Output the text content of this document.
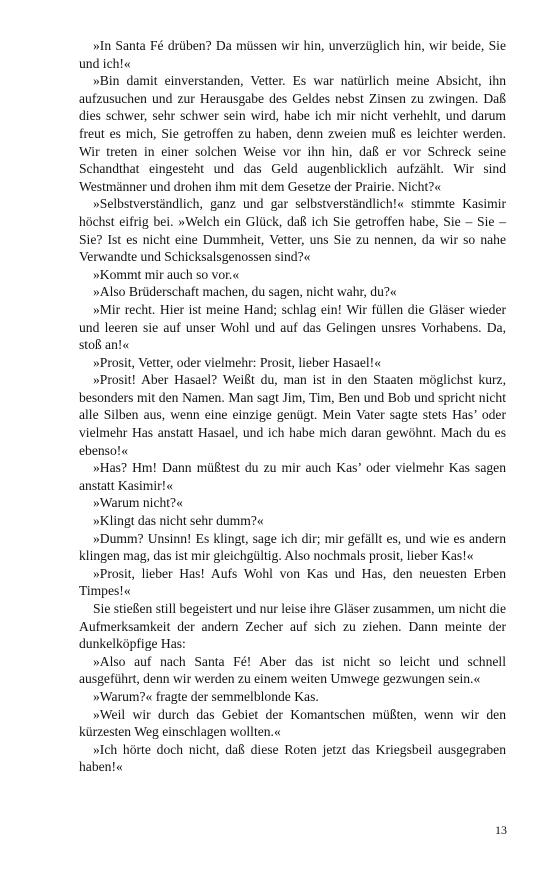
»In Santa Fé drüben? Da müssen wir hin, unverzüglich hin, wir beide, Sie und ich!«

»Bin damit einverstanden, Vetter. Es war natürlich meine Absicht, ihn aufzusuchen und zur Herausgabe des Geldes nebst Zinsen zu zwingen. Daß dies schwer, sehr schwer sein wird, habe ich mir nicht verhehlt, und darum freut es mich, Sie getroffen zu haben, denn zweien muß es leichter werden. Wir treten in einer solchen Weise vor ihn hin, daß er vor Schreck seine Schandthat eingesteht und das Geld augenblicklich aufzählt. Wir sind Westmänner und drohen ihm mit dem Gesetze der Prairie. Nicht?«

»Selbstverständlich, ganz und gar selbstverständlich!« stimmte Kasimir höchst eifrig bei. »Welch ein Glück, daß ich Sie getroffen habe, Sie – Sie – Sie? Ist es nicht eine Dummheit, Vetter, uns Sie zu nennen, da wir so nahe Verwandte und Schicksalsgenossen sind?«

»Kommt mir auch so vor.«

»Also Brüderschaft machen, du sagen, nicht wahr, du?«

»Mir recht. Hier ist meine Hand; schlag ein! Wir füllen die Gläser wieder und leeren sie auf unser Wohl und auf das Gelingen unsres Vorhabens. Da, stoß an!«

»Prosit, Vetter, oder vielmehr: Prosit, lieber Hasael!«

»Prosit! Aber Hasael? Weißt du, man ist in den Staaten möglichst kurz, besonders mit den Namen. Man sagt Jim, Tim, Ben und Bob und spricht nicht alle Silben aus, wenn eine einzige genügt. Mein Vater sagte stets Has’ oder vielmehr Has anstatt Hasael, und ich habe mich daran gewöhnt. Mach du es ebenso!«

»Has? Hm! Dann müßtest du zu mir auch Kas’ oder vielmehr Kas sagen anstatt Kasimir!«

»Warum nicht?«

»Klingt das nicht sehr dumm?«

»Dumm? Unsinn! Es klingt, sage ich dir; mir gefällt es, und wie es andern klingen mag, das ist mir gleichgültig. Also nochmals prosit, lieber Kas!«

»Prosit, lieber Has! Aufs Wohl von Kas und Has, den neuesten Erben Timpes!«

Sie stießen still begeistert und nur leise ihre Gläser zusammen, um nicht die Aufmerksamkeit der andern Zecher auf sich zu ziehen. Dann meinte der dunkelköpfige Has:

»Also auf nach Santa Fé! Aber das ist nicht so leicht und schnell ausgeführt, denn wir werden zu einem weiten Umwege gezwungen sein.«

»Warum?« fragte der semmelblonde Kas.

»Weil wir durch das Gebiet der Komantschen müßten, wenn wir den kürzesten Weg einschlagen wollten.«

»Ich hörte doch nicht, daß diese Roten jetzt das Kriegsbeil ausgegraben haben!«

13
